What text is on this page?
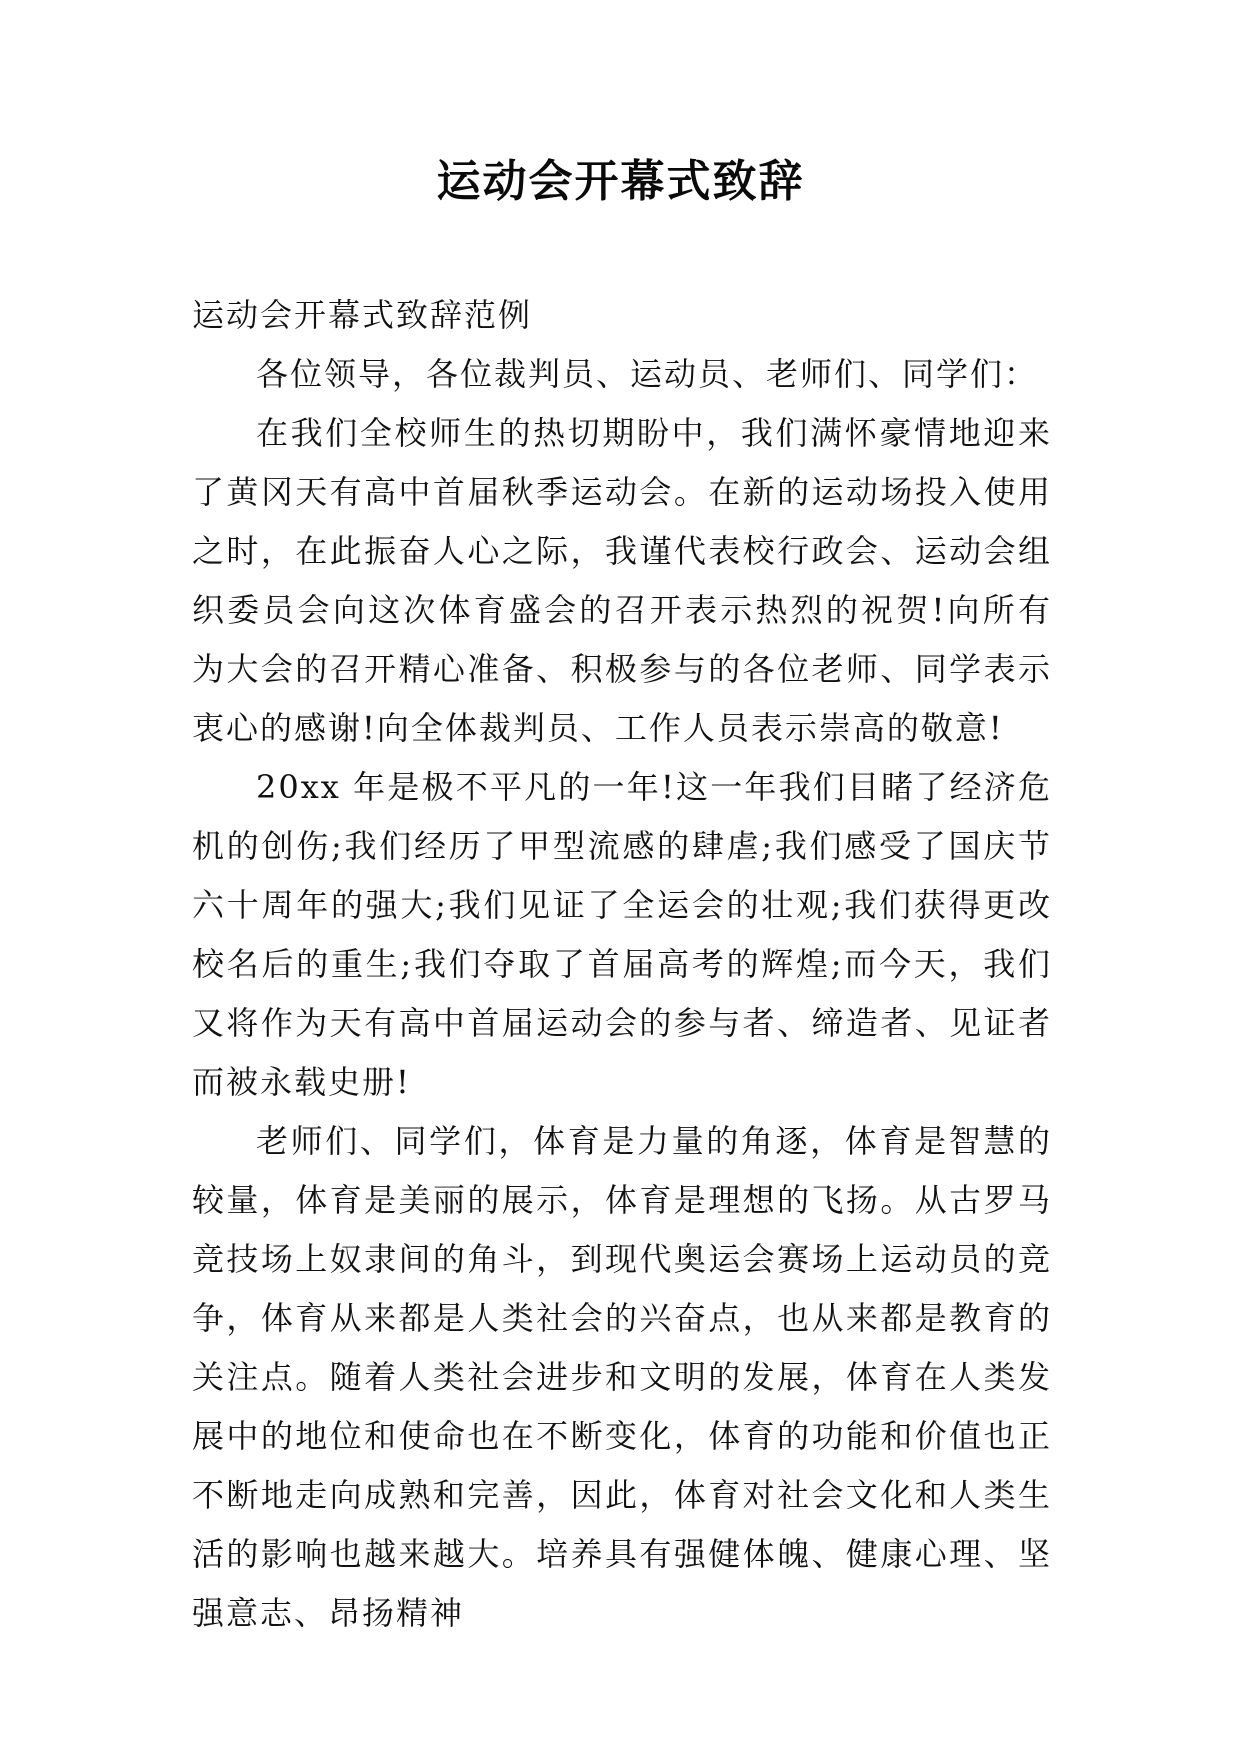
运动会开幕式致辞

运动会开幕式致辞范例

各位领导，各位裁判员、运动员、老师们、同学们：

在我们全校师生的热切期盼中，我们满怀豪情地迎来了黄冈天有高中首届秋季运动会。在新的运动场投入使用之时，在此振奋人心之际，我谨代表校行政会、运动会组织委员会向这次体育盛会的召开表示热烈的祝贺!向所有为大会的召开精心准备、积极参与的各位老师、同学表示衷心的感谢!向全体裁判员、工作人员表示崇高的敬意!

20xx 年是极不平凡的一年!这一年我们目睹了经济危机的创伤;我们经历了甲型流感的肆虐;我们感受了国庆节六十周年的强大;我们见证了全运会的壮观;我们获得更改校名后的重生;我们夺取了首届高考的辉煌;而今天，我们又将作为天有高中首届运动会的参与者、缔造者、见证者而被永载史册!

老师们、同学们，体育是力量的角逐，体育是智慧的较量，体育是美丽的展示，体育是理想的飞扬。从古罗马竞技场上奴隶间的角斗，到现代奥运会赛场上运动员的竞争，体育从来都是人类社会的兴奋点，也从来都是教育的关注点。随着人类社会进步和文明的发展，体育在人类发展中的地位和使命也在不断变化，体育的功能和价值也正不断地走向成熟和完善，因此，体育对社会文化和人类生活的影响也越来越大。培养具有强健体魄、健康心理、坚强意志、昂扬精神
